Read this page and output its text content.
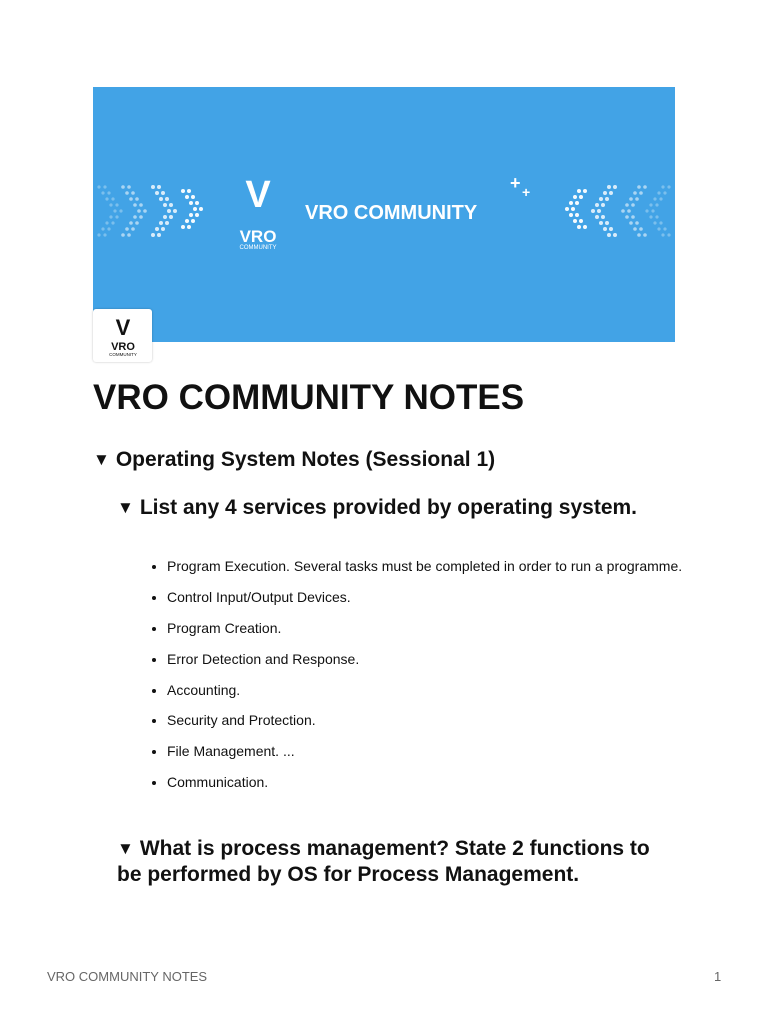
V
VRO
COMMUNITY
VRO COMMUNITY
+ +
V
VRO
COMMUNITY
VRO COMMUNITY NOTES
▼ Operating System Notes (Sessional 1)
▼ List any 4 services provided by operating system.
• Program Execution. Several tasks must be completed in order to run a programme.
• Control Input/Output Devices.
• Program Creation.
• Error Detection and Response.
• Accounting.
• Security and Protection.
• File Management. ...
• Communication.
▼ What is process management? State 2 functions to be performed by OS for Process Management.
VRO COMMUNITY NOTES	1
